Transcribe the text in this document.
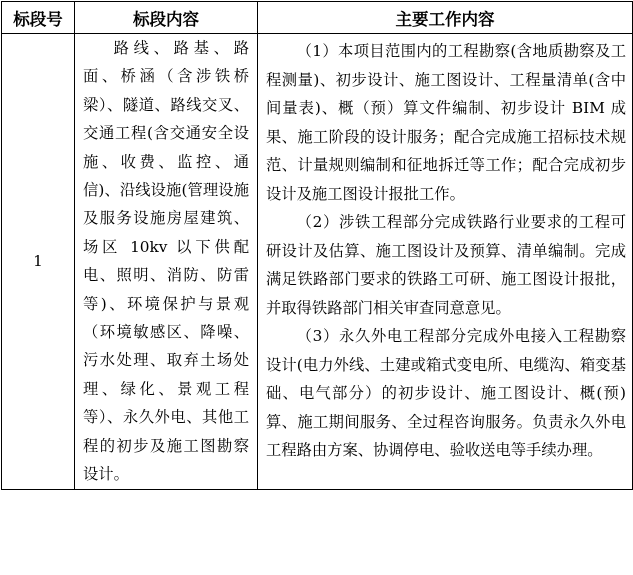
标段号	标段内容	主要工作内容
1	路线、路基、路面、桥涵（含涉铁桥梁）、隧道、路线交叉、交通工程(含交通安全设施、收费、监控、通信)、沿线设施(管理设施及服务设施房屋建筑、场区 10kv 以下供配电、照明、消防、防雷等)、环境保护与景观（环境敏感区、降噪、污水处理、取弃土场处理、绿化、景观工程等）、永久外电、其他工程的初步及施工图勘察设计。	（1）本项目范围内的工程勘察(含地质勘察及工程测量)、初步设计、施工图设计、工程量清单(含中间量表)、概（预）算文件编制、初步设计 BIM 成果、施工阶段的设计服务；配合完成施工招标技术规范、计量规则编制和征地拆迁等工作；配合完成初步设计及施工图设计报批工作。

（2）涉铁工程部分完成铁路行业要求的工程可研设计及估算、施工图设计及预算、清单编制。完成满足铁路部门要求的铁路工可研、施工图设计报批，并取得铁路部门相关审查同意意见。

（3）永久外电工程部分完成外电接入工程勘察设计(电力外线、土建或箱式变电所、电缆沟、箱变基础、电气部分）的初步设计、施工图设计、概(预)算、施工期间服务、全过程咨询服务。负责永久外电工程路由方案、协调停电、验收送电等手续办理。
